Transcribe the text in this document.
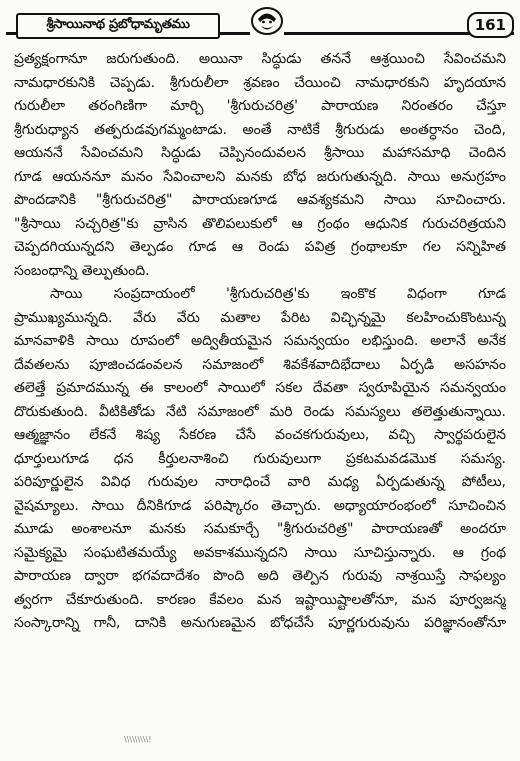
శ్రీసాయినాథ ప్రబోధామృతము	161
ప్రత్యక్షంగానూ జరుగుతుంది. అయినా సిద్ధుడు తననే ఆశ్రయించి సేవించమని
నామధారకునికి చెప్పడు. శ్రీగురులీలా శ్రవణం చేయించి నామధారకుని హృదయాన
గురులీలా తరంగిణిగా మార్చి 'శ్రీగురుచరిత్ర' పారాయణ నిరంతరం చేస్తూ
శ్రీగురుధ్యాన తత్పరుడవుగమ్మంటాడు. అంతే నాటికే శ్రీగురుడు అంతర్ధానం చెంది,
ఆయననే సేవించమని సిద్ధుడు చెప్పినందువలన శ్రీసాయి మహాసమాధి చెందిన
గూడ ఆయననూ మనం సేవించాలని మనకు బోధ జరుగుతున్నది. సాయి అనుగ్రహం
పొందడానికి "శ్రీగురుచరిత్ర" పారాయణగూడ ఆవశ్యకమని సాయి సూచించారు.
"శ్రీసాయి సచ్చరిత్ర"కు వ్రాసిన తొలిపలుకులో ఆ గ్రంథం ఆధునిక గురుచరిత్రయని
చెప్పదగియున్నదని తెల్పడం గూడ ఆ రెండు పవిత్ర గ్రంథాలకూ గల సన్నిహిత
సంబంధాన్ని తెల్పుతుంది.
సాయి సంప్రదాయంలో 'శ్రీగురుచరిత్ర'కు ఇంకొక విధంగా గూడ
ప్రాముఖ్యమున్నది. వేరు వేరు మతాల పేరిట విచ్ఛిన్నమై కలహించుకొంటున్న
మానవాళికి సాయి రూపంలో అద్వితీయమైన సమన్వయం లభిస్తుంది. అలానే అనేక
దేవతలను పూజించడంవలన సమాజంలో శివకేశవాదిభేదాలు ఏర్పడి అసహనం
తలెత్తే ప్రమాదమున్న ఈ కాలంలో సాయిలో సకల దేవతా స్వరూపియైన సమన్వయం
దొరుకుతుంది. వీటికితోడు నేటి సమాజంలో మరి రెండు సమస్యలు తలెత్తుతున్నాయి.
ఆత్మజ్ఞానం లేకనే శిష్య సేకరణ చేసే వంచకగురువులు, వచ్చి స్వార్థపరులైన
ధూర్తులుగూడ ధన కీర్తులనాశించి గురువులుగా ప్రకటమవడమొక సమస్య.
పరిపూర్ణులైన వివిధ గురువుల నారాధించే వారి మధ్య ఏర్పడుతున్న పోటీలు,
వైషమ్యాలు. సాయి దీనికిగూడ పరిష్కారం తెచ్చారు. అధ్యాయారంభంలో సూచించిన
మూడు అంశాలనూ మనకు సమకూర్చే "శ్రీగురుచరిత్ర" పారాయణతో అందరూ
సమైక్యమై సంఘటితమయ్యే అవకాశమున్నదని సాయి సూచిస్తున్నారు. ఆ గ్రంథ
పారాయణ ద్వారా భగవదాదేశం పొంది అది తెల్పిన గురువు నాశ్రయిస్తే సాఫల్యం
త్వరగా చేకూరుతుంది. కారణం కేవలం మన ఇష్టాయిష్టాలతోనూ, మన పూర్వజన్మ
సంస్కారాన్ని గానీ, దానికి అనుగుణమైన బోధచేసే పూర్ణగురువును పరిజ్ఞానంతోనూ
\\\\\\\\\!
